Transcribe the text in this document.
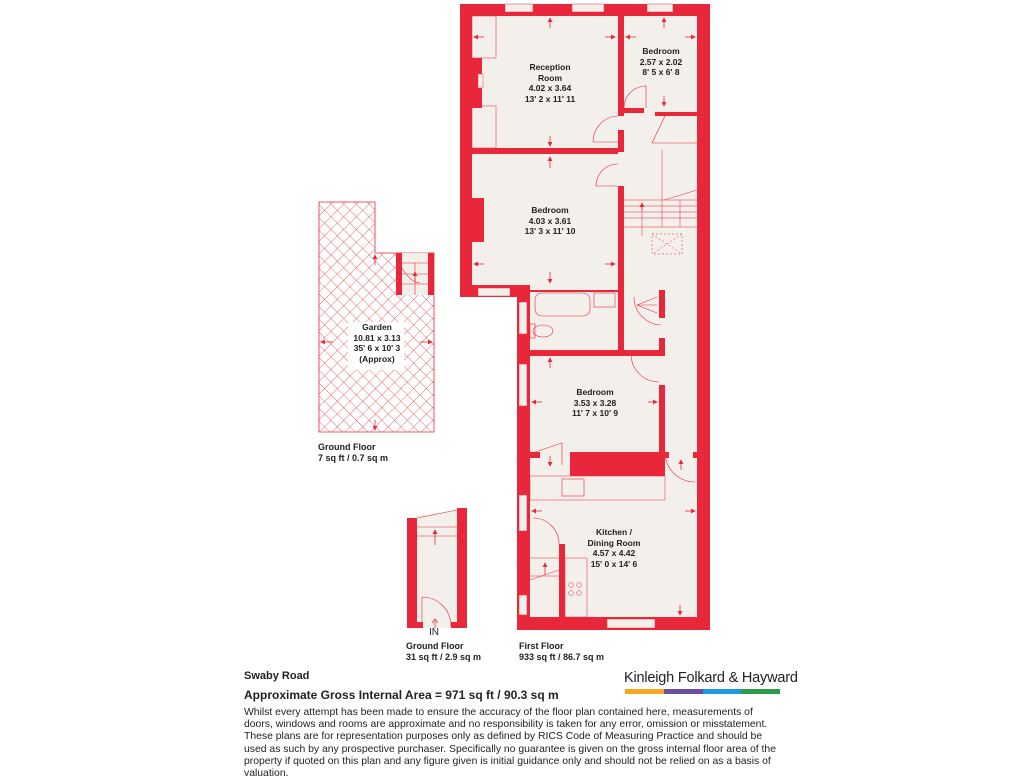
Reception
Room
4.02 x 3.64
13' 2 x 11' 11
Bedroom
2.57 x 2.02
8' 5 x 6' 8
Bedroom
4.03 x 3.61
13' 3 x 11' 10
Bedroom
3.53 x 3.28
11' 7 x 10' 9
Kitchen /
Dining Room
4.57 x 4.42
15' 0 x 14' 6
Garden
10.81 x 3.13
35' 6 x 10' 3
(Approx)
Ground Floor
7 sq ft / 0.7 sq m
IN
Ground Floor
31 sq ft / 2.9 sq m
First Floor
933 sq ft / 86.7 sq m
Swaby Road
Approximate Gross Internal Area = 971 sq ft / 90.3 sq m
Whilst every attempt has been made to ensure the accuracy of the floor plan contained here, measurements of doors, windows and rooms are approximate and no responsibility is taken for any error, omission or misstatement. These plans are for representation purposes only as defined by RICS Code of Measuring Practice and should be used as such by any prospective purchaser. Specifically no guarantee is given on the gross internal floor area of the property if quoted on this plan and any figure given is initial guidance only and should not be relied on as a basis of valuation.
Kinleigh Folkard & Hayward
